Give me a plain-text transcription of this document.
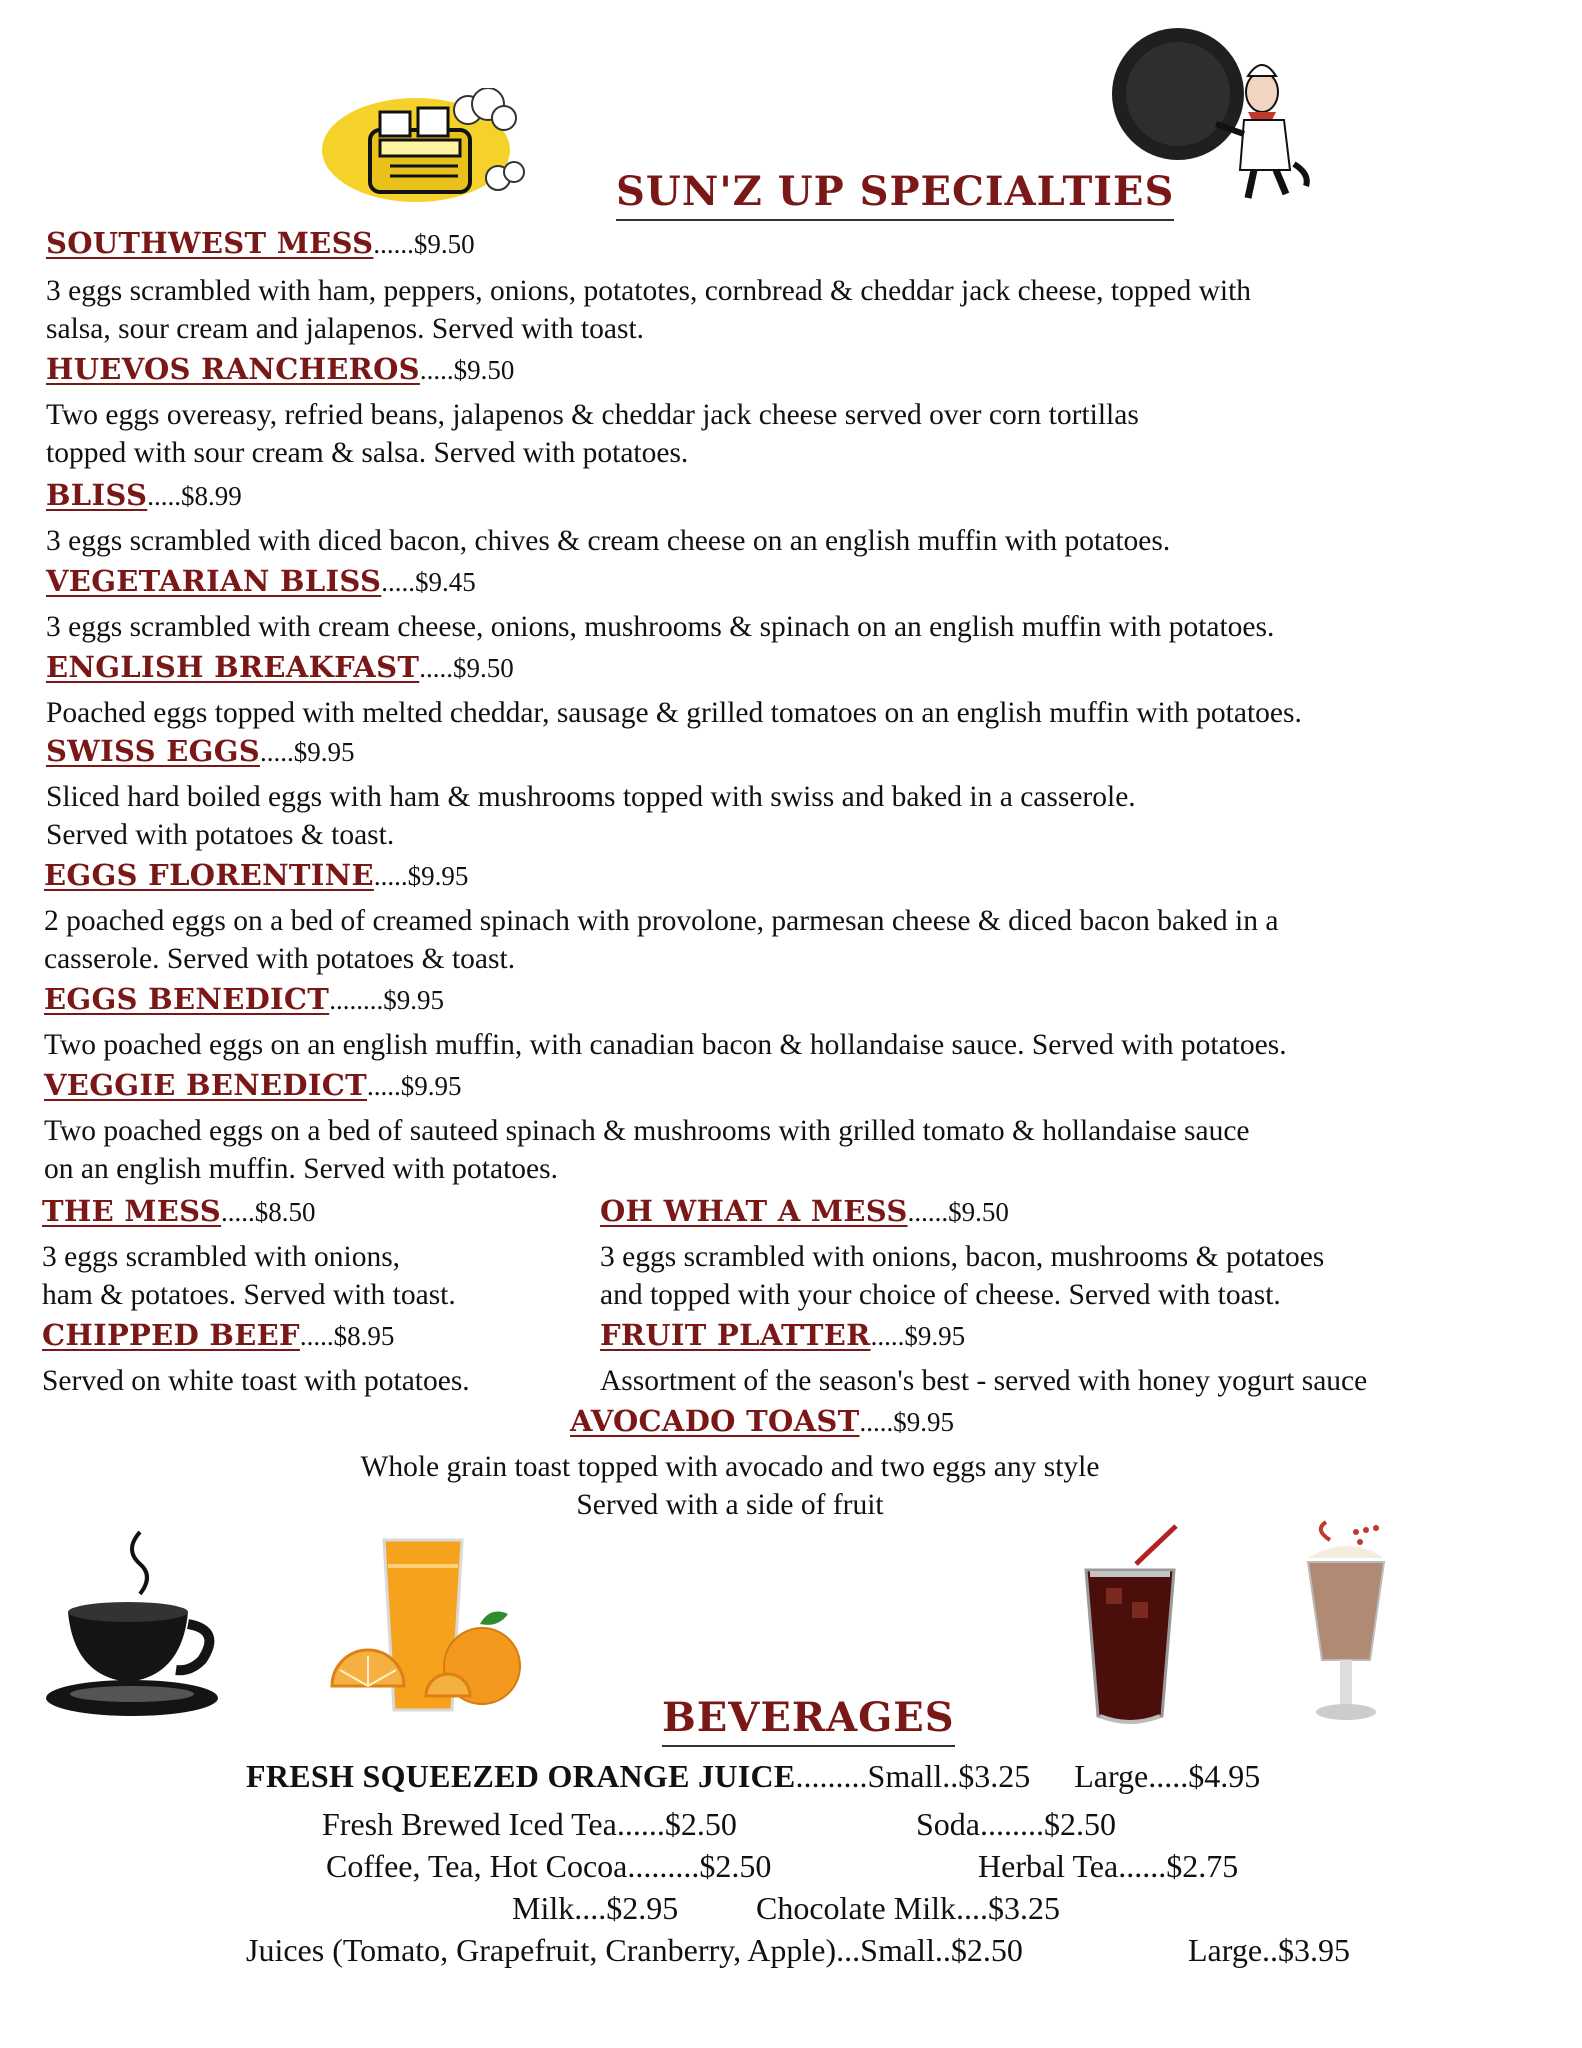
SUN'Z UP SPECIALTIES
SOUTHWEST MESS......$9.50
3 eggs scrambled with ham, peppers, onions, potatotes, cornbread & cheddar jack cheese, topped with
salsa, sour cream and jalapenos. Served with toast.
HUEVOS RANCHEROS.....$9.50
Two eggs overeasy, refried beans, jalapenos & cheddar jack cheese served over corn tortillas
topped with sour cream & salsa. Served with potatoes.
BLISS.....$8.99
3 eggs scrambled with diced bacon, chives & cream cheese on an english muffin with potatoes.
VEGETARIAN BLISS.....$9.45
3 eggs scrambled with cream cheese, onions, mushrooms & spinach on an english muffin with potatoes.
ENGLISH BREAKFAST.....$9.50
Poached eggs topped with melted cheddar, sausage & grilled tomatoes on an english muffin with potatoes.
SWISS EGGS.....$9.95
Sliced hard boiled eggs with ham & mushrooms topped with swiss and baked in a casserole.
Served with potatoes & toast.
EGGS FLORENTINE.....$9.95
2 poached eggs on a bed of creamed spinach with provolone, parmesan cheese & diced bacon baked in a
casserole. Served with potatoes & toast.
EGGS BENEDICT........$9.95
Two poached eggs on an english muffin, with canadian bacon & hollandaise sauce. Served with potatoes.
VEGGIE BENEDICT.....$9.95
Two poached eggs on a bed of sauteed spinach & mushrooms with grilled tomato & hollandaise sauce
on an english muffin. Served with potatoes.
THE MESS.....$8.50
3 eggs scrambled with onions,
ham & potatoes. Served with toast.
OH WHAT A MESS......$9.50
3 eggs scrambled with onions, bacon, mushrooms & potatoes
and topped with your choice of cheese. Served with toast.
CHIPPED BEEF.....$8.95
Served on white toast with potatoes.
FRUIT PLATTER.....$9.95
Assortment of the season's best - served with honey yogurt sauce
AVOCADO TOAST.....$9.95
Whole grain toast topped with avocado and two eggs any style
Served with a side of fruit
BEVERAGES
FRESH SQUEEZED ORANGE JUICE.........Small..$3.25 Large.....$4.95
Fresh Brewed Iced Tea......$2.50	Soda........$2.50
Coffee, Tea, Hot Cocoa.........$2.50	Herbal Tea......$2.75
Milk....$2.95 Chocolate Milk....$3.25
Juices (Tomato, Grapefruit, Cranberry, Apple)...Small..$2.50	Large..$3.95
